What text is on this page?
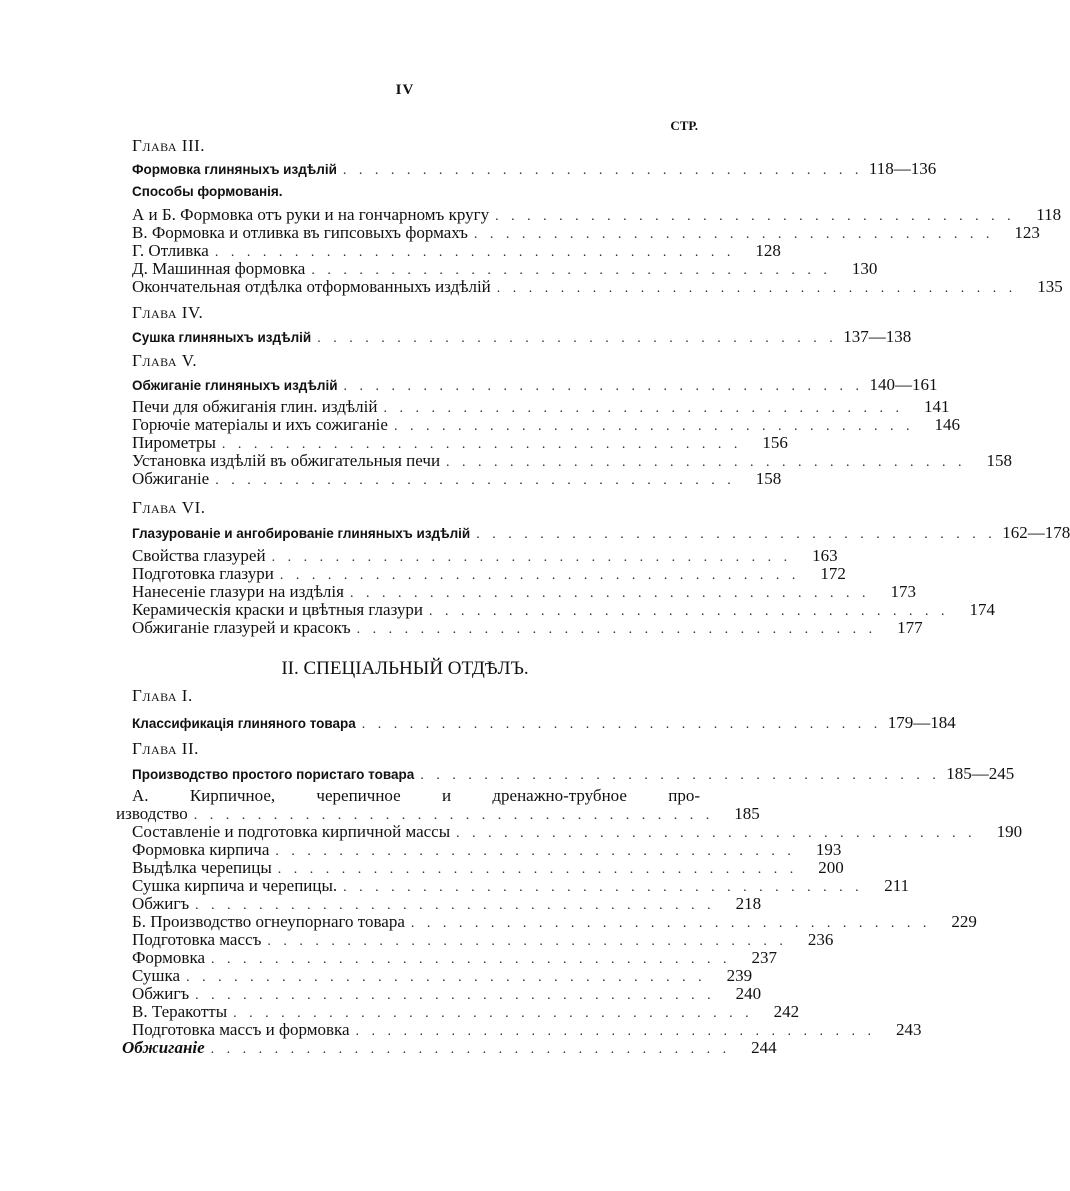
IV
СТР.
Глава III.
Формовка глиняныхъ издѣлій . . . . . . . . . . . . . . . . . . . . . . . . . . . . . . . . . 118—136
Способы формованія.
А и Б. Формовка отъ руки и на гончарномъ кругу . . . . . . . . . . . . . . . . . . . . . . . . . . . . . . . . .	118
В. Формовка и отливка въ гипсовыхъ формахъ . . . . . . . . . . . . . . . . . . . . . . . . . . . . . . . . .	123
Г. Отливка . . . . . . . . . . . . . . . . . . . . . . . . . . . . . . . . .	128
Д. Машинная формовка . . . . . . . . . . . . . . . . . . . . . . . . . . . . . . . . .	130
Окончательная отдѣлка отформованныхъ издѣлій . . . . . . . . . . . . . . . . . . . . . . . . . . . . . . . . .	135
Глава IV.
Сушка глиняныхъ издѣлій . . . . . . . . . . . . . . . . . . . . . . . . . . . . . . . . . 137—138
Глава V.
Обжиганіе глиняныхъ издѣлій . . . . . . . . . . . . . . . . . . . . . . . . . . . . . . . . . 140—161
Печи для обжиганія глин. издѣлій . . . . . . . . . . . . . . . . . . . . . . . . . . . . . . . . .	141
Горючіе матеріалы и ихъ сожиганіе . . . . . . . . . . . . . . . . . . . . . . . . . . . . . . . . .	146
Пирометры . . . . . . . . . . . . . . . . . . . . . . . . . . . . . . . . .	156
Установка издѣлій въ обжигательныя печи . . . . . . . . . . . . . . . . . . . . . . . . . . . . . . . . .	158
Обжиганіе . . . . . . . . . . . . . . . . . . . . . . . . . . . . . . . . .	158
Глава VI.
Глазурованіе и ангобированіе глиняныхъ издѣлій . . . . . . . . . . . . . . . . . . . . . . . . . . . . . . . . . 162—178
Свойства глазурей . . . . . . . . . . . . . . . . . . . . . . . . . . . . . . . . .	163
Подготовка глазури . . . . . . . . . . . . . . . . . . . . . . . . . . . . . . . . .	172
Нанесеніе глазури на издѣлія . . . . . . . . . . . . . . . . . . . . . . . . . . . . . . . . .	173
Керамическія краски и цвѣтныя глазури . . . . . . . . . . . . . . . . . . . . . . . . . . . . . . . . .	174
Обжиганіе глазурей и красокъ . . . . . . . . . . . . . . . . . . . . . . . . . . . . . . . . .	177
II. СПЕЦІАЛЬНЫЙ ОТДѢЛЪ.
Глава I.
Классификація глиняного товара . . . . . . . . . . . . . . . . . . . . . . . . . . . . . . . . . 179—184
Глава II.
Производство простого пористаго товара . . . . . . . . . . . . . . . . . . . . . . . . . . . . . . . . . 185—245
А. Кирпичное, черепичное и дренажно-трубное про-
изводство . . . . . . . . . . . . . . . . . . . . . . . . . . . . . . . . .	185
Составленіе и подготовка кирпичной массы . . . . . . . . . . . . . . . . . . . . . . . . . . . . . . . . .	190
Формовка кирпича . . . . . . . . . . . . . . . . . . . . . . . . . . . . . . . . .	193
Выдѣлка черепицы . . . . . . . . . . . . . . . . . . . . . . . . . . . . . . . . .	200
Сушка кирпича и черепицы. . . . . . . . . . . . . . . . . . . . . . . . . . . . . . . . . .	211
Обжигъ . . . . . . . . . . . . . . . . . . . . . . . . . . . . . . . . .	218
Б. Производство огнеупорнаго товара . . . . . . . . . . . . . . . . . . . . . . . . . . . . . . . . .	229
Подготовка массъ . . . . . . . . . . . . . . . . . . . . . . . . . . . . . . . . .	236
Формовка . . . . . . . . . . . . . . . . . . . . . . . . . . . . . . . . .	237
Сушка . . . . . . . . . . . . . . . . . . . . . . . . . . . . . . . . .	239
Обжигъ . . . . . . . . . . . . . . . . . . . . . . . . . . . . . . . . .	240
В. Теракотты . . . . . . . . . . . . . . . . . . . . . . . . . . . . . . . . .	242
Подготовка массъ и формовка . . . . . . . . . . . . . . . . . . . . . . . . . . . . . . . . .	243
Обжиганіе . . . . . . . . . . . . . . . . . . . . . . . . . . . . . . . . .	244
